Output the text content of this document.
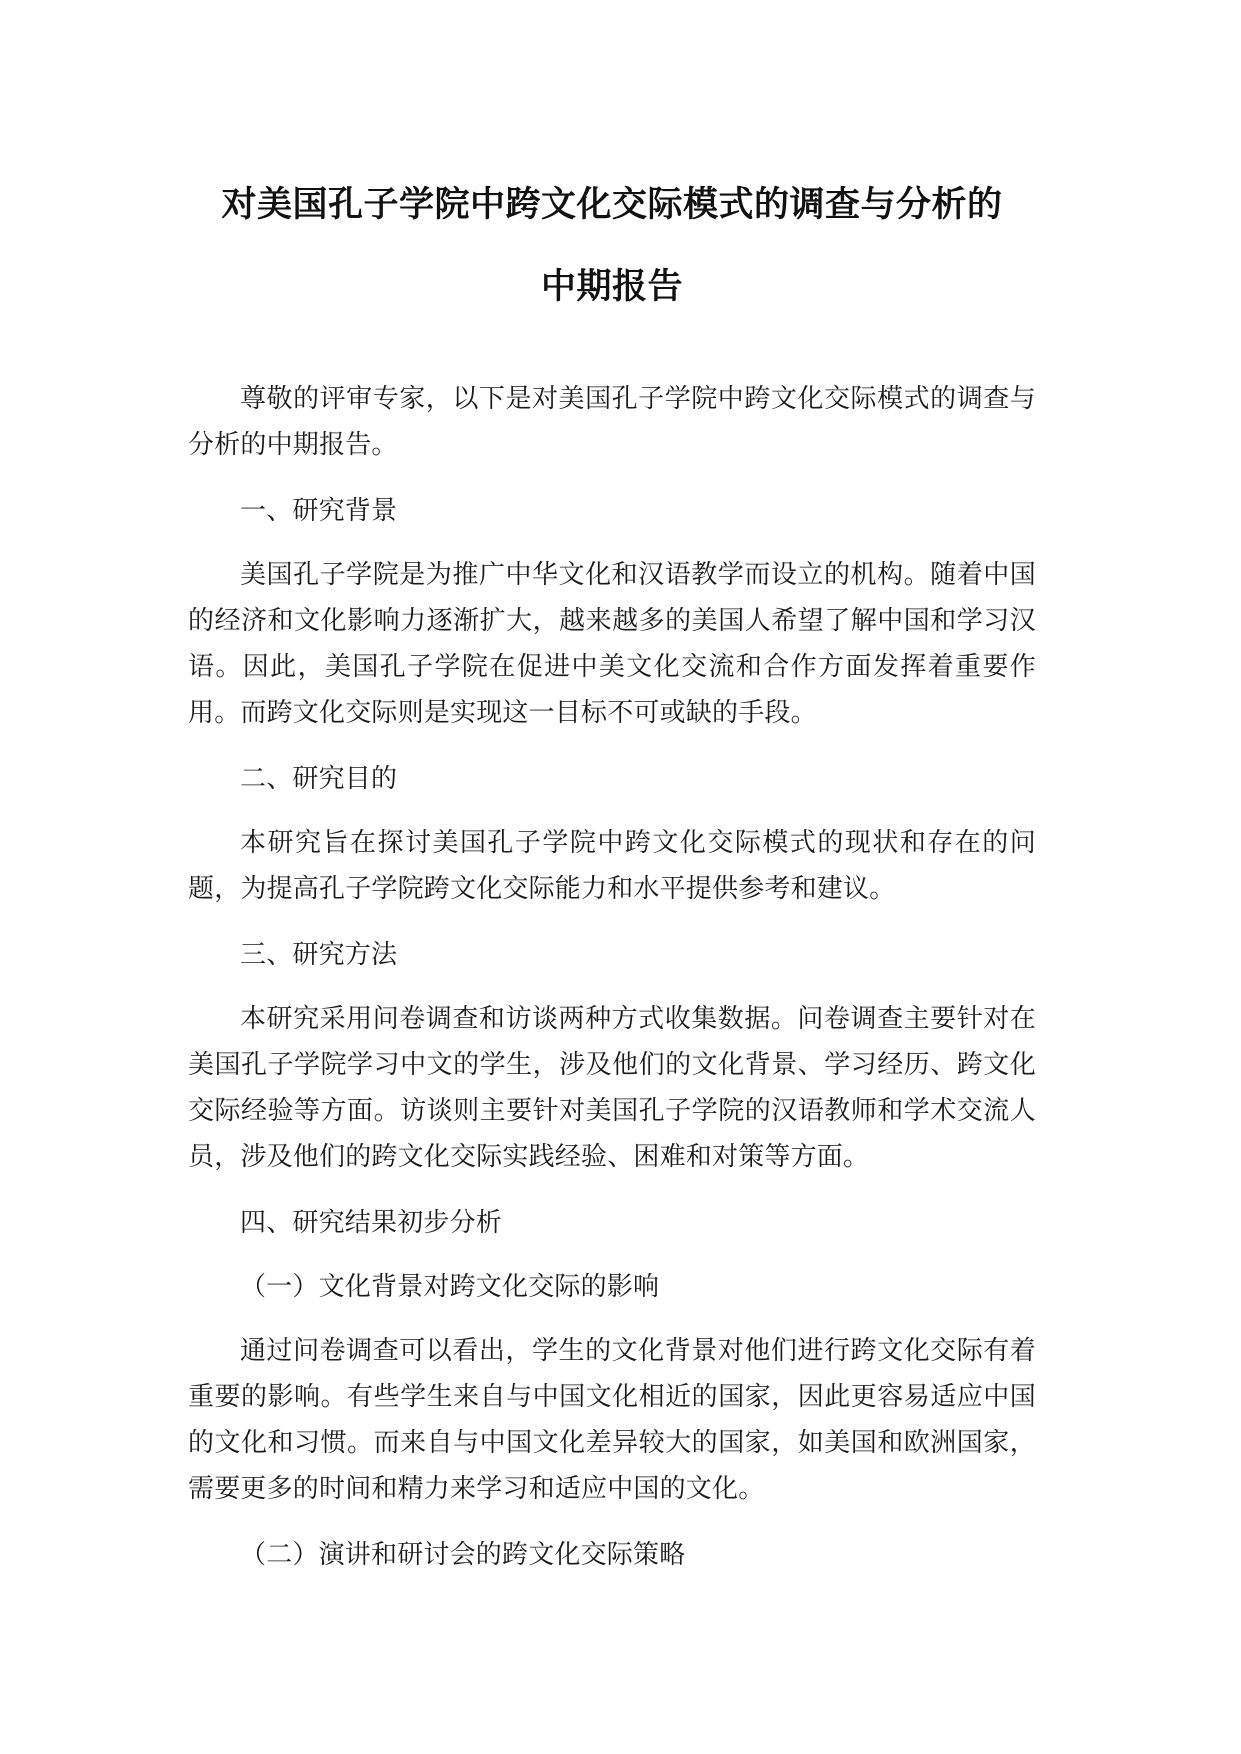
对美国孔子学院中跨文化交际模式的调查与分析的
中期报告

尊敬的评审专家，以下是对美国孔子学院中跨文化交际模式的调查与分析的中期报告。

一、研究背景

美国孔子学院是为推广中华文化和汉语教学而设立的机构。随着中国的经济和文化影响力逐渐扩大，越来越多的美国人希望了解中国和学习汉语。因此，美国孔子学院在促进中美文化交流和合作方面发挥着重要作用。而跨文化交际则是实现这一目标不可或缺的手段。

二、研究目的

本研究旨在探讨美国孔子学院中跨文化交际模式的现状和存在的问题，为提高孔子学院跨文化交际能力和水平提供参考和建议。

三、研究方法

本研究采用问卷调查和访谈两种方式收集数据。问卷调查主要针对在美国孔子学院学习中文的学生，涉及他们的文化背景、学习经历、跨文化交际经验等方面。访谈则主要针对美国孔子学院的汉语教师和学术交流人员，涉及他们的跨文化交际实践经验、困难和对策等方面。

四、研究结果初步分析

（一）文化背景对跨文化交际的影响

通过问卷调查可以看出，学生的文化背景对他们进行跨文化交际有着重要的影响。有些学生来自与中国文化相近的国家，因此更容易适应中国的文化和习惯。而来自与中国文化差异较大的国家，如美国和欧洲国家，需要更多的时间和精力来学习和适应中国的文化。

（二）演讲和研讨会的跨文化交际策略
